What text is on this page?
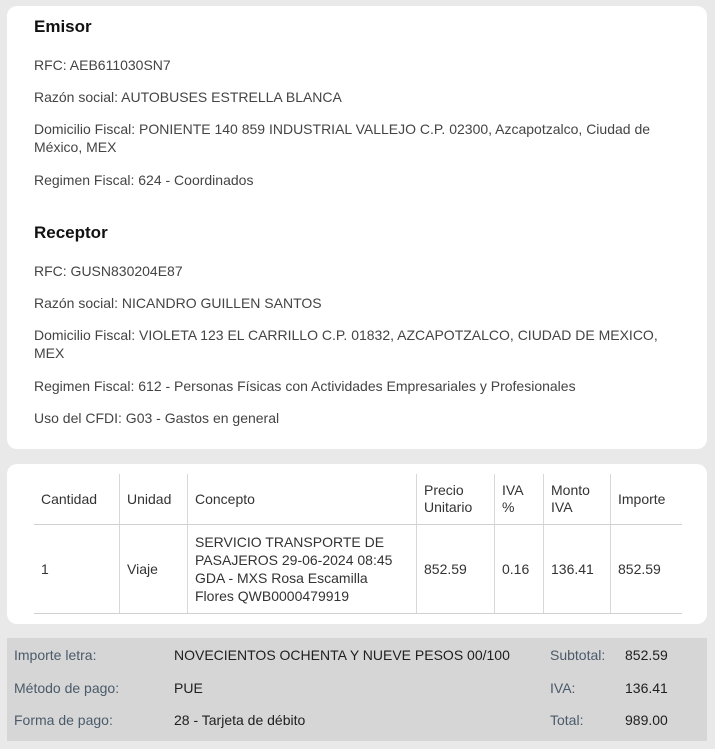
Emisor

RFC: AEB611030SN7

Razón social: AUTOBUSES ESTRELLA BLANCA

Domicilio Fiscal: PONIENTE 140 859 INDUSTRIAL VALLEJO C.P. 02300, Azcapotzalco, Ciudad de México, MEX

Regimen Fiscal: 624 - Coordinados

Receptor

RFC: GUSN830204E87

Razón social: NICANDRO GUILLEN SANTOS

Domicilio Fiscal: VIOLETA 123 EL CARRILLO C.P. 01832, AZCAPOTZALCO, CIUDAD DE MEXICO, MEX

Regimen Fiscal: 612 - Personas Físicas con Actividades Empresariales y Profesionales

Uso del CFDI: G03 - Gastos en general

Cantidad	Unidad	Concepto	Precio Unitario	IVA %	Monto IVA	Importe
1	Viaje	SERVICIO TRANSPORTE DE PASAJEROS 29-06-2024 08:45 GDA - MXS Rosa Escamilla Flores QWB0000479919	852.59	0.16	136.41	852.59
Importe letra:	NOVECIENTOS OCHENTA Y NUEVE PESOS 00/100
Método de pago:	PUE
Forma de pago:	28 - Tarjeta de débito
Subtotal: 852.59
IVA:	136.41
Total:	989.00
